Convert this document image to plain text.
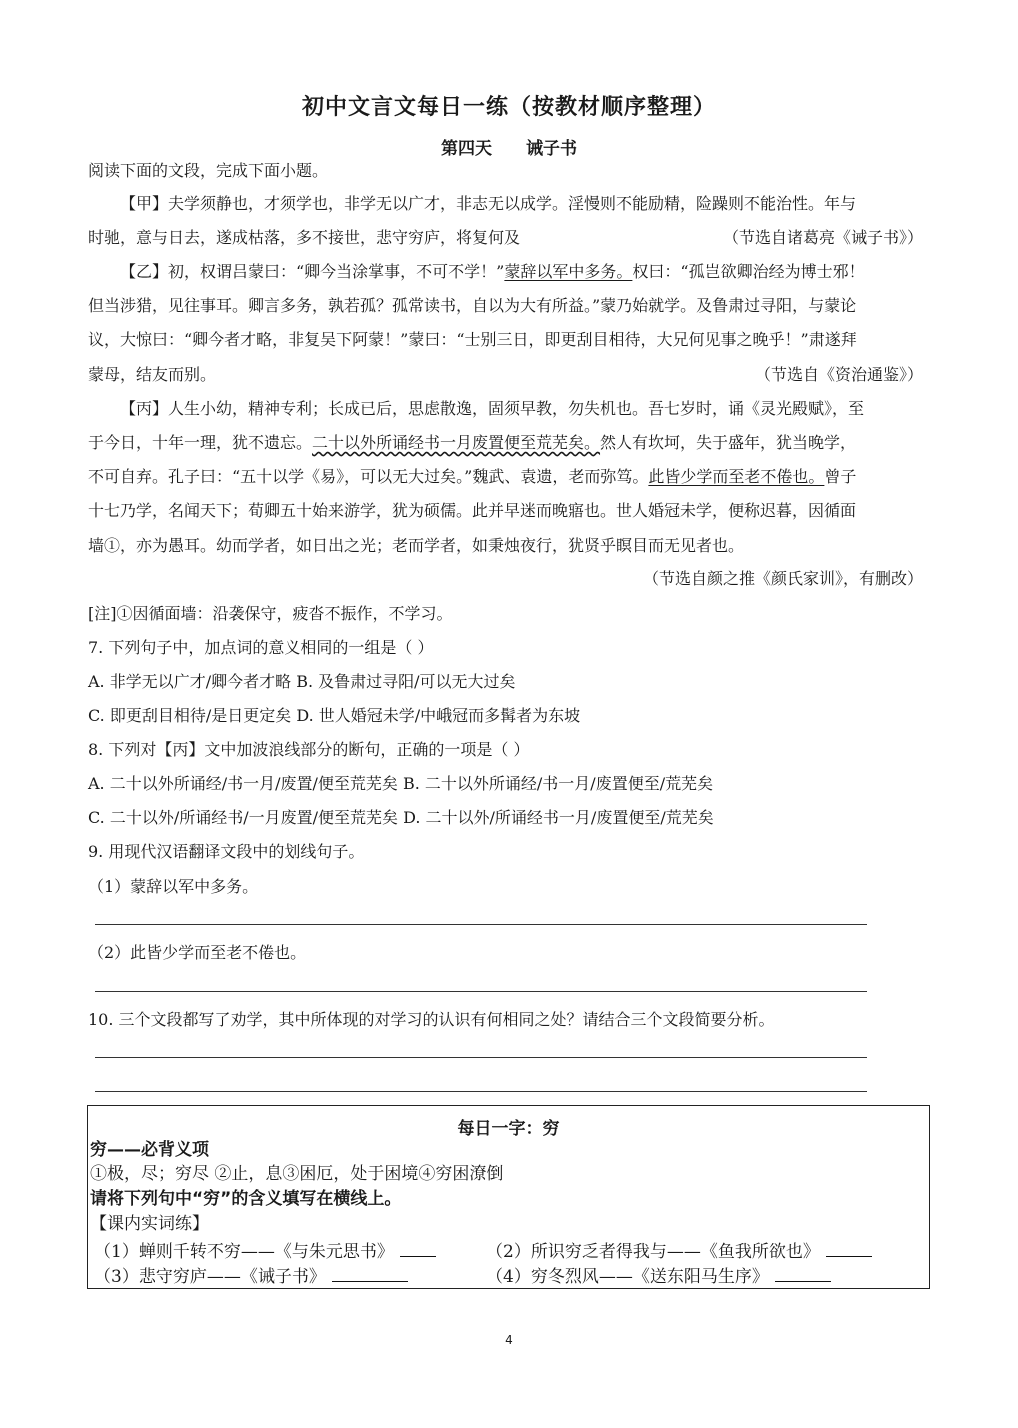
初中文言文每日一练（按教材顺序整理）
第四天 诫子书
阅读下面的文段，完成下面小题。
【甲】夫学须静也，才须学也，非学无以广才，非志无以成学。淫慢则不能励精，险躁则不能治性。年与
时驰，意与日去，遂成枯落，多不接世，悲守穷庐，将复何及	（节选自诸葛亮《诫子书》）
【乙】初，权谓吕蒙曰：“卿今当涂掌事，不可不学！”蒙辞以军中多务。权曰：“孤岂欲卿治经为博士邪！
但当涉猎，见往事耳。卿言多务，孰若孤？孤常读书，自以为大有所益。”蒙乃始就学。及鲁肃过寻阳，与蒙论
议，大惊曰：“卿今者才略，非复吴下阿蒙！”蒙曰：“士别三日，即更刮目相待，大兄何见事之晚乎！”肃遂拜
蒙母，结友而别。	（节选自《资治通鉴》）
【丙】人生小幼，精神专利；长成已后，思虑散逸，固须早教，勿失机也。吾七岁时，诵《灵光殿赋》，至
于今日，十年一理，犹不遗忘。二十以外所诵经书一月废置便至荒芜矣。然人有坎坷，失于盛年，犹当晚学，
不可自弃。孔子曰：“五十以学《易》，可以无大过矣。”魏武、袁遗，老而弥笃。此皆少学而至老不倦也。曾子
十七乃学，名闻天下；荀卿五十始来游学，犹为硕儒。此并早迷而晚寤也。世人婚冠未学，便称迟暮，因循面
墙①，亦为愚耳。幼而学者，如日出之光；老而学者，如秉烛夜行，犹贤乎瞑目而无见者也。
（节选自颜之推《颜氏家训》，有删改）
[注]①因循面墙：沿袭保守，疲沓不振作，不学习。
7. 下列句子中，加点词的意义相同的一组是（ ）
A. 非学无以广才/卿今者才略 B. 及鲁肃过寻阳/可以无大过矣
C. 即更刮目相待/是日更定矣 D. 世人婚冠未学/中峨冠而多髯者为东坡
8. 下列对【丙】文中加波浪线部分的断句，正确的一项是（ ）
A. 二十以外所诵经/书一月/废置/便至荒芜矣 B. 二十以外所诵经/书一月/废置便至/荒芜矣
C. 二十以外/所诵经书/一月废置/便至荒芜矣 D. 二十以外/所诵经书一月/废置便至/荒芜矣
9. 用现代汉语翻译文段中的划线句子。
（1）蒙辞以军中多务。
（2）此皆少学而至老不倦也。
10. 三个文段都写了劝学，其中所体现的对学习的认识有何相同之处？请结合三个文段简要分析。
每日一字：穷
穷——必背义项
①极，尽；穷尽 ②止，息③困厄，处于困境④穷困潦倒
请将下列句中“穷”的含义填写在横线上。
【课内实词练】
（1）蝉则千转不穷——《与朱元思书》	（2）所识穷乏者得我与——《鱼我所欲也》
（3）悲守穷庐——《诫子书》	（4）穷冬烈风——《送东阳马生序》
4
